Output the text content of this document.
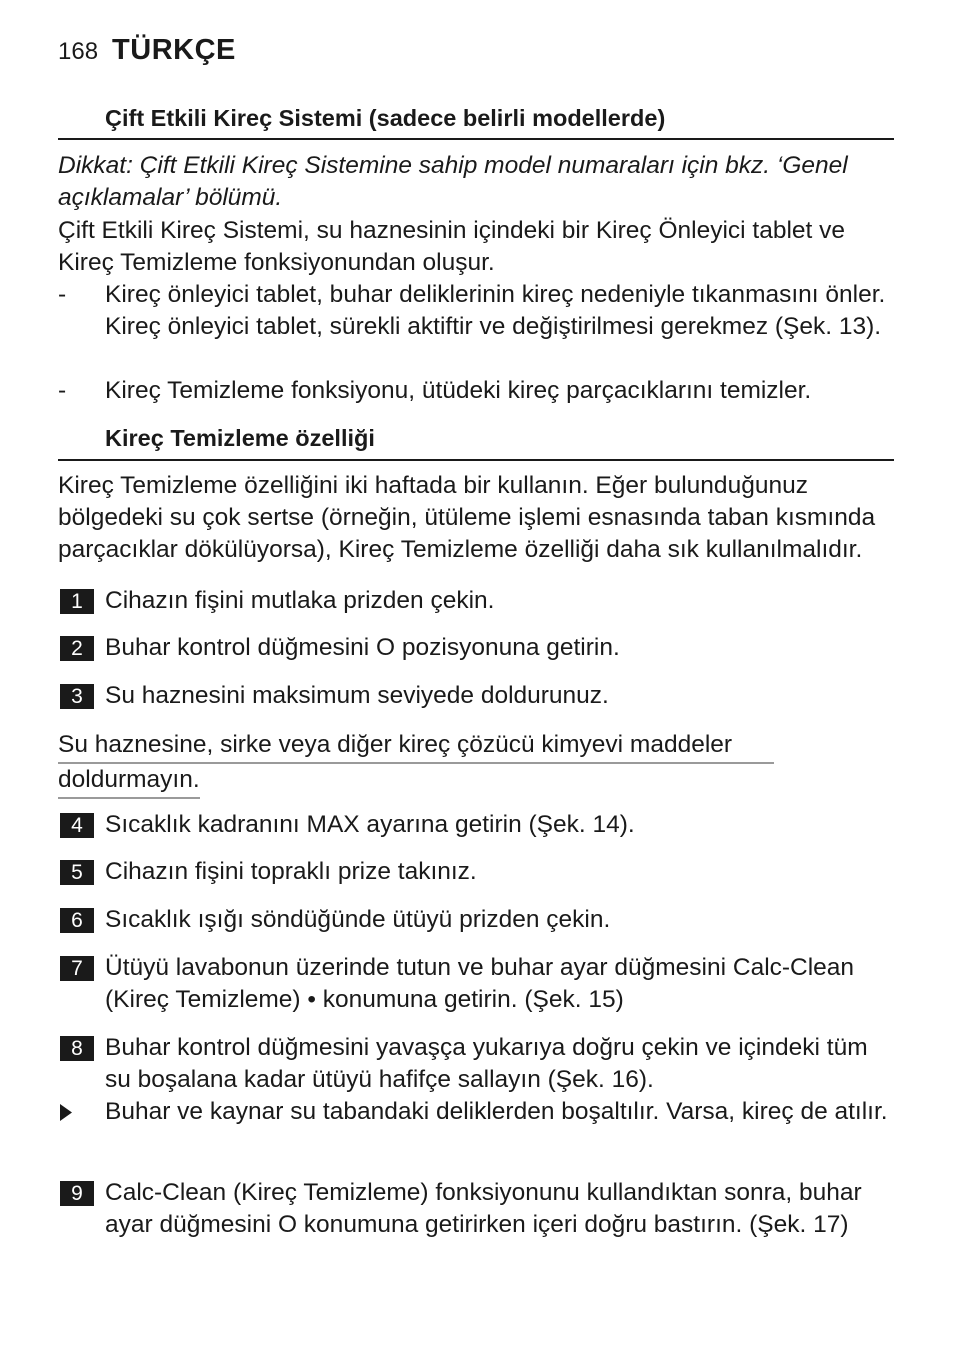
168 TÜRKÇE
Çift Etkili Kireç Sistemi (sadece belirli modellerde)
Dikkat: Çift Etkili Kireç Sistemine sahip model numaraları için bkz. ‘Genel açıklamalar’ bölümü.
Çift Etkili Kireç Sistemi, su haznesinin içindeki bir Kireç Önleyici tablet ve Kireç Temizleme fonksiyonundan oluşur.
-	Kireç önleyici tablet, buhar deliklerinin kireç nedeniyle tıkanmasını önler. Kireç önleyici tablet, sürekli aktiftir ve değiştirilmesi gerekmez (Şek. 13).
-	Kireç Temizleme fonksiyonu, ütüdeki kireç parçacıklarını temizler.
Kireç Temizleme özelliği
Kireç Temizleme özelliğini iki haftada bir kullanın. Eğer bulunduğunuz bölgedeki su çok sertse (örneğin, ütüleme işlemi esnasında taban kısmında parçacıklar dökülüyorsa), Kireç Temizleme özelliği daha sık kullanılmalıdır.
1 Cihazın fişini mutlaka prizden çekin.
2 Buhar kontrol düğmesini O pozisyonuna getirin.
3 Su haznesini maksimum seviyede doldurunuz.
Su haznesine, sirke veya diğer kireç çözücü kimyevi maddeler
doldurmayın.
4 Sıcaklık kadranını MAX ayarına getirin (Şek. 14).
5 Cihazın fişini topraklı prize takınız.
6 Sıcaklık ışığı söndüğünde ütüyü prizden çekin.
7 Ütüyü lavabonun üzerinde tutun ve buhar ayar düğmesini Calc-Clean (Kireç Temizleme) • konumuna getirin. (Şek. 15)
8 Buhar kontrol düğmesini yavaşça yukarıya doğru çekin ve içindeki tüm su boşalana kadar ütüyü hafifçe sallayın (Şek. 16).
Buhar ve kaynar su tabandaki deliklerden boşaltılır. Varsa, kireç de atılır.
9 Calc-Clean (Kireç Temizleme) fonksiyonunu kullandıktan sonra, buhar ayar düğmesini O konumuna getirirken içeri doğru bastırın. (Şek. 17)
